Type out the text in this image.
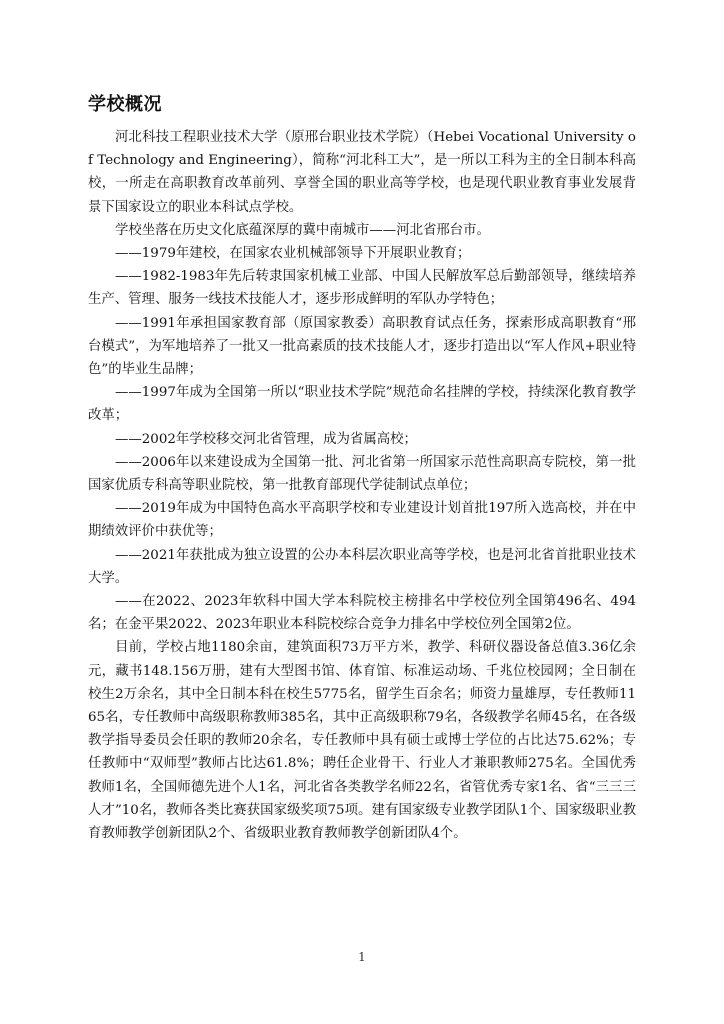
学校概况

河北科技工程职业技术大学（原邢台职业技术学院）（Hebei Vocational University of Technology and Engineering），简称“河北科工大”，是一所以工科为主的全日制本科高校，一所走在高职教育改革前列、享誉全国的职业高等学校，也是现代职业教育事业发展背景下国家设立的职业本科试点学校。

学校坐落在历史文化底蕴深厚的冀中南城市——河北省邢台市。

——1979年建校，在国家农业机械部领导下开展职业教育；

——1982-1983年先后转隶国家机械工业部、中国人民解放军总后勤部领导，继续培养生产、管理、服务一线技术技能人才，逐步形成鲜明的军队办学特色；

——1991年承担国家教育部（原国家教委）高职教育试点任务，探索形成高职教育“邢台模式”，为军地培养了一批又一批高素质的技术技能人才，逐步打造出以“军人作风+职业特色”的毕业生品牌；

——1997年成为全国第一所以“职业技术学院”规范命名挂牌的学校，持续深化教育教学改革；

——2002年学校移交河北省管理，成为省属高校；

——2006年以来建设成为全国第一批、河北省第一所国家示范性高职高专院校，第一批国家优质专科高等职业院校，第一批教育部现代学徒制试点单位；

——2019年成为中国特色高水平高职学校和专业建设计划首批197所入选高校，并在中期绩效评价中获优等；

——2021年获批成为独立设置的公办本科层次职业高等学校，也是河北省首批职业技术大学。

——在2022、2023年软科中国大学本科院校主榜排名中学校位列全国第496名、494名；在金平果2022、2023年职业本科院校综合竞争力排名中学校位列全国第2位。

目前，学校占地1180余亩，建筑面积73万平方米，教学、科研仪器设备总值3.36亿余元，藏书148.156万册，建有大型图书馆、体育馆、标准运动场、千兆位校园网；全日制在校生2万余名，其中全日制本科在校生5775名，留学生百余名；师资力量雄厚，专任教师1165名，专任教师中高级职称教师385名，其中正高级职称79名，各级教学名师45名，在各级教学指导委员会任职的教师20余名，专任教师中具有硕士或博士学位的占比达75.62%；专任教师中“双师型”教师占比达61.8%；聘任企业骨干、行业人才兼职教师275名。全国优秀教师1名，全国师德先进个人1名，河北省各类教学名师22名，省管优秀专家1名、省“三三三人才”10名，教师各类比赛获国家级奖项75项。建有国家级专业教学团队1个、国家级职业教育教师教学创新团队2个、省级职业教育教师教学创新团队4个。

1
